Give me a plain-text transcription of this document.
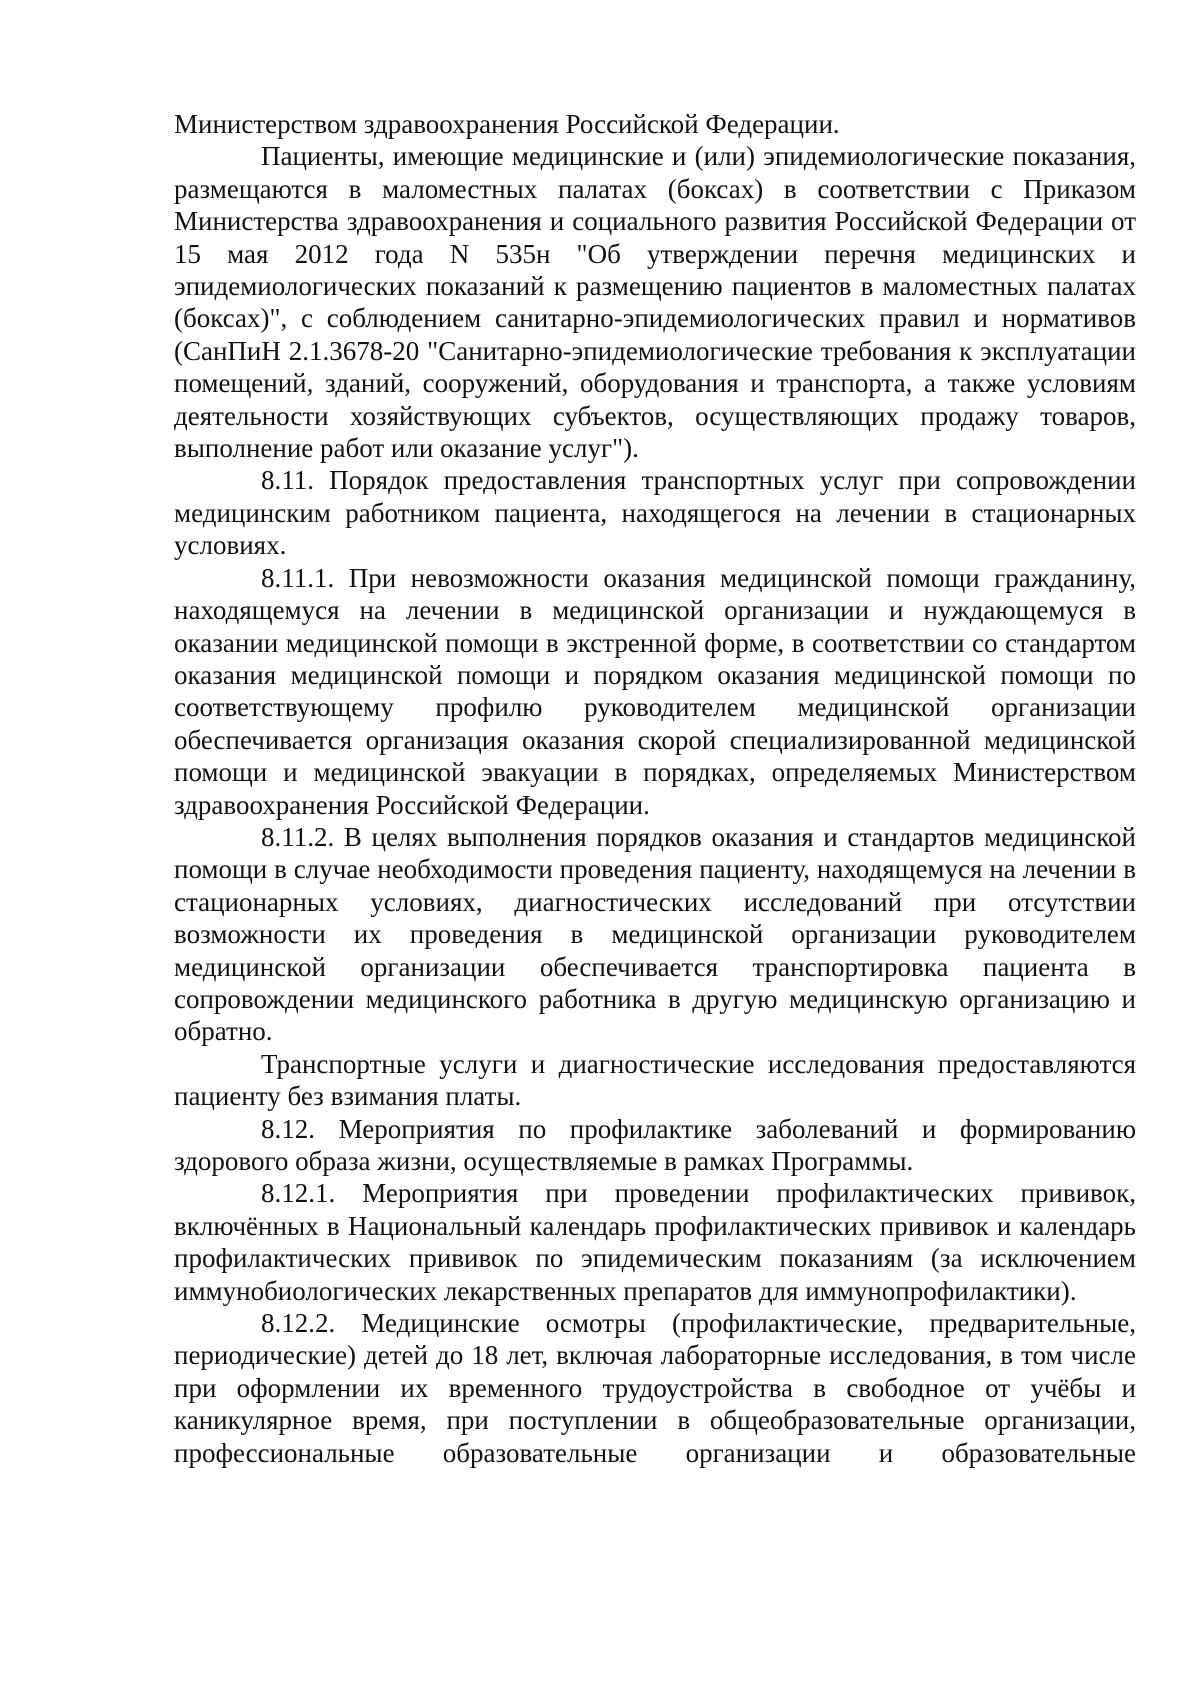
Министерством здравоохранения Российской Федерации.

Пациенты, имеющие медицинские и (или) эпидемиологические показания, размещаются в маломестных палатах (боксах) в соответствии с Приказом Министерства здравоохранения и социального развития Российской Федерации от 15 мая 2012 года N 535н "Об утверждении перечня медицинских и эпидемиологических показаний к размещению пациентов в маломестных палатах (боксах)", с соблюдением санитарно-эпидемиологических правил и нормативов (СанПиН 2.1.3678-20 "Санитарно-эпидемиологические требования к эксплуатации помещений, зданий, сооружений, оборудования и транспорта, а также условиям деятельности хозяйствующих субъектов, осуществляющих продажу товаров, выполнение работ или оказание услуг").

8.11. Порядок предоставления транспортных услуг при сопровождении медицинским работником пациента, находящегося на лечении в стационарных условиях.

8.11.1. При невозможности оказания медицинской помощи гражданину, находящемуся на лечении в медицинской организации и нуждающемуся в оказании медицинской помощи в экстренной форме, в соответствии со стандартом оказания медицинской помощи и порядком оказания медицинской помощи по соответствующему профилю руководителем медицинской организации обеспечивается организация оказания скорой специализированной медицинской помощи и медицинской эвакуации в порядках, определяемых Министерством здравоохранения Российской Федерации.

8.11.2. В целях выполнения порядков оказания и стандартов медицинской помощи в случае необходимости проведения пациенту, находящемуся на лечении в стационарных условиях, диагностических исследований при отсутствии возможности их проведения в медицинской организации руководителем медицинской организации обеспечивается транспортировка пациента в сопровождении медицинского работника в другую медицинскую организацию и обратно.

Транспортные услуги и диагностические исследования предоставляются пациенту без взимания платы.

8.12. Мероприятия по профилактике заболеваний и формированию здорового образа жизни, осуществляемые в рамках Программы.

8.12.1. Мероприятия при проведении профилактических прививок, включённых в Национальный календарь профилактических прививок и календарь профилактических прививок по эпидемическим показаниям (за исключением иммунобиологических лекарственных препаратов для иммунопрофилактики).

8.12.2. Медицинские осмотры (профилактические, предварительные, периодические) детей до 18 лет, включая лабораторные исследования, в том числе при оформлении их временного трудоустройства в свободное от учёбы и каникулярное время, при поступлении в общеобразовательные организации, профессиональные образовательные организации и образовательные
